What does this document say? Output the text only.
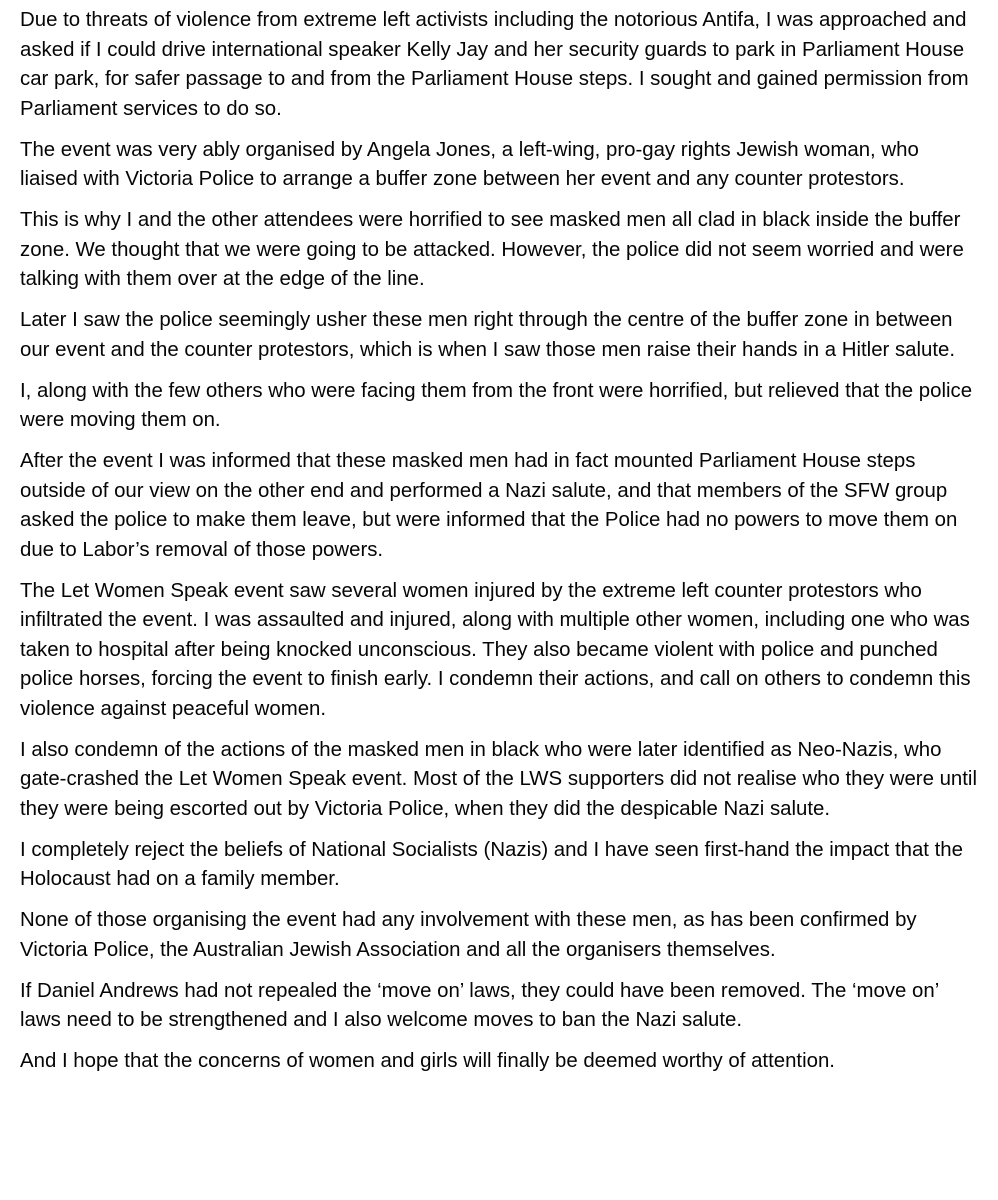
Due to threats of violence from extreme left activists including the notorious Antifa, I was approached and asked if I could drive international speaker Kelly Jay and her security guards to park in Parliament House car park, for safer passage to and from the Parliament House steps. I sought and gained permission from Parliament services to do so.

The event was very ably organised by Angela Jones, a left-wing, pro-gay rights Jewish woman, who liaised with Victoria Police to arrange a buffer zone between her event and any counter protestors.

This is why I and the other attendees were horrified to see masked men all clad in black inside the buffer zone. We thought that we were going to be attacked. However, the police did not seem worried and were talking with them over at the edge of the line.

Later I saw the police seemingly usher these men right through the centre of the buffer zone in between our event and the counter protestors, which is when I saw those men raise their hands in a Hitler salute.

I, along with the few others who were facing them from the front were horrified, but relieved that the police were moving them on.

After the event I was informed that these masked men had in fact mounted Parliament House steps outside of our view on the other end and performed a Nazi salute, and that members of the SFW group asked the police to make them leave, but were informed that the Police had no powers to move them on due to Labor’s removal of those powers.

The Let Women Speak event saw several women injured by the extreme left counter protestors who infiltrated the event. I was assaulted and injured, along with multiple other women, including one who was taken to hospital after being knocked unconscious. They also became violent with police and punched police horses, forcing the event to finish early. I condemn their actions, and call on others to condemn this violence against peaceful women.

I also condemn of the actions of the masked men in black who were later identified as Neo-Nazis, who gate-crashed the Let Women Speak event. Most of the LWS supporters did not realise who they were until they were being escorted out by Victoria Police, when they did the despicable Nazi salute.

I completely reject the beliefs of National Socialists (Nazis) and I have seen first-hand the impact that the Holocaust had on a family member.

None of those organising the event had any involvement with these men, as has been confirmed by Victoria Police, the Australian Jewish Association and all the organisers themselves.

If Daniel Andrews had not repealed the ‘move on’ laws, they could have been removed. The ‘move on’ laws need to be strengthened and I also welcome moves to ban the Nazi salute.

And I hope that the concerns of women and girls will finally be deemed worthy of attention.
